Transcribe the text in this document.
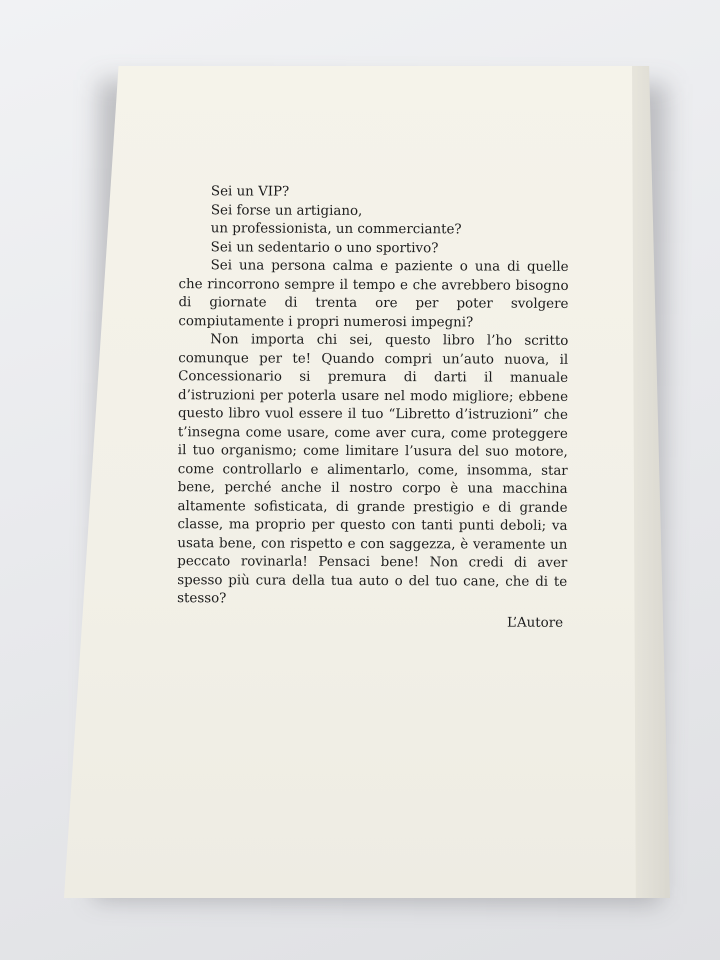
Sei un VIP?
Sei forse un artigiano,
un professionista, un commerciante?
Sei un sedentario o uno sportivo?
Sei una persona calma e paziente o una di quelle che rincorrono sempre il tempo e che avrebbero bisogno di giornate di trenta ore per poter svolgere compiutamente i propri numerosi impegni?
Non importa chi sei, questo libro l’ho scritto comunque per te! Quando compri un’auto nuova, il Concessionario si premura di darti il manuale d’istruzioni per poterla usare nel modo migliore; ebbene questo libro vuol essere il tuo “Libretto d’istruzioni” che t’insegna come usare, come aver cura, come proteggere il tuo organismo; come limitare l’usura del suo motore, come controllarlo e alimentarlo, come, insomma, star bene, perché anche il nostro corpo è una macchina altamente sofisticata, di grande prestigio e di grande classe, ma proprio per questo con tanti punti deboli; va usata bene, con rispetto e con saggezza, è veramente un peccato rovinarla! Pensaci bene! Non credi di aver spesso più cura della tua auto o del tuo cane, che di te stesso?
L’Autore
